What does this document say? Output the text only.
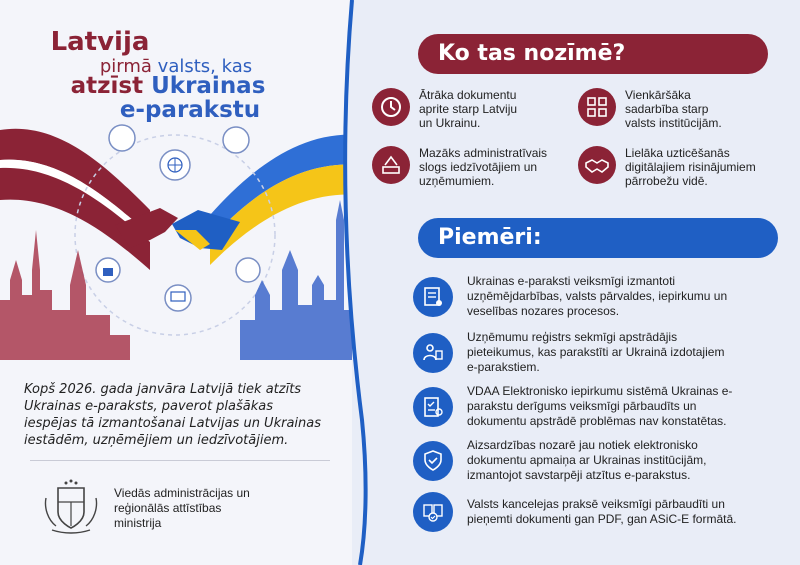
Latvija
pirmā valsts, kas
atzīst Ukrainas
e-parakstu
Kopš 2026. gada janvāra Latvijā tiek atzīts Ukrainas e-paraksts, paverot plašākas iespējas tā izmantošanai Latvijas un Ukrainas iestādēm, uzņēmējiem un iedzīvotājiem.
Viedās administrācijas un
reģionālās attīstības
ministrija
Ko tas nozīmē?
Ātrāka dokumentu
aprite starp Latviju
un Ukrainu.
Vienkāršāka
sadarbība starp
valsts institūcijām.
Mazāks administratīvais
slogs iedzīvotājiem un
uzņēmumiem.
Lielāka uzticēšanās
digitālajiem risinājumiem
pārrobežu vidē.
Piemēri:
Ukrainas e-paraksti veiksmīgi izmantoti
uzņēmējdarbības, valsts pārvaldes, iepirkumu un
veselības nozares procesos.
Uzņēmumu reģistrs sekmīgi apstrādājis
pieteikumus, kas parakstīti ar Ukrainā izdotajiem
e-parakstiem.
VDAA Elektronisko iepirkumu sistēmā Ukrainas e-
parakstu derīgums veiksmīgi pārbaudīts un
dokumentu apstrādē problēmas nav konstatētas.
Aizsardzības nozarē jau notiek elektronisko
dokumentu apmaiņa ar Ukrainas institūcijām,
izmantojot savstarpēji atzītus e-parakstus.
Valsts kancelejas praksē veiksmīgi pārbaudīti un
pieņemti dokumenti gan PDF, gan ASiC-E formātā.
